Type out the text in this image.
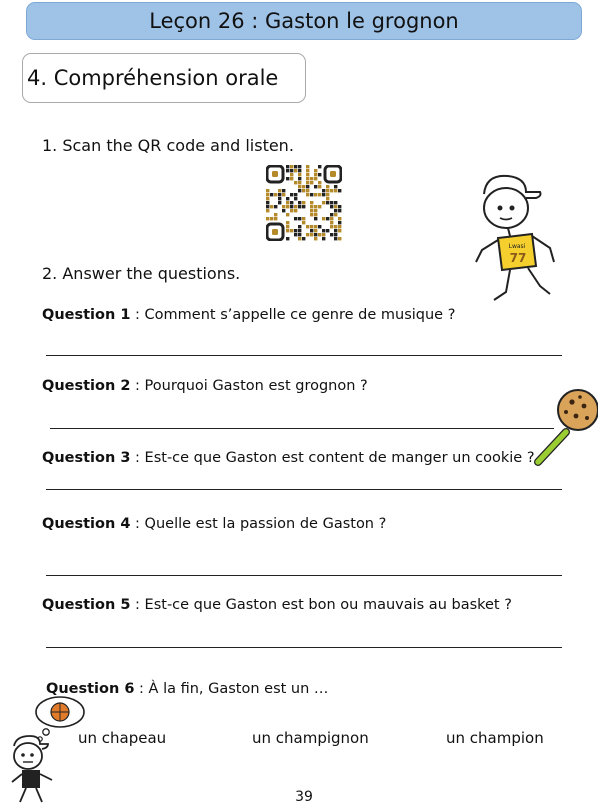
Leçon 26 : Gaston le grognon
4. Compréhension orale
1. Scan the QR code and listen.
Lwasi
77
2. Answer the questions.
Question 1 : Comment s’appelle ce genre de musique ?
Question 2 : Pourquoi Gaston est grognon ?
Question 3 : Est-ce que Gaston est content de manger un cookie ?
Question 4 : Quelle est la passion de Gaston ?
Question 5 : Est-ce que Gaston est bon ou mauvais au basket ?
Question 6 : À la fin, Gaston est un …
un chapeau	un champignon	un champion
39
